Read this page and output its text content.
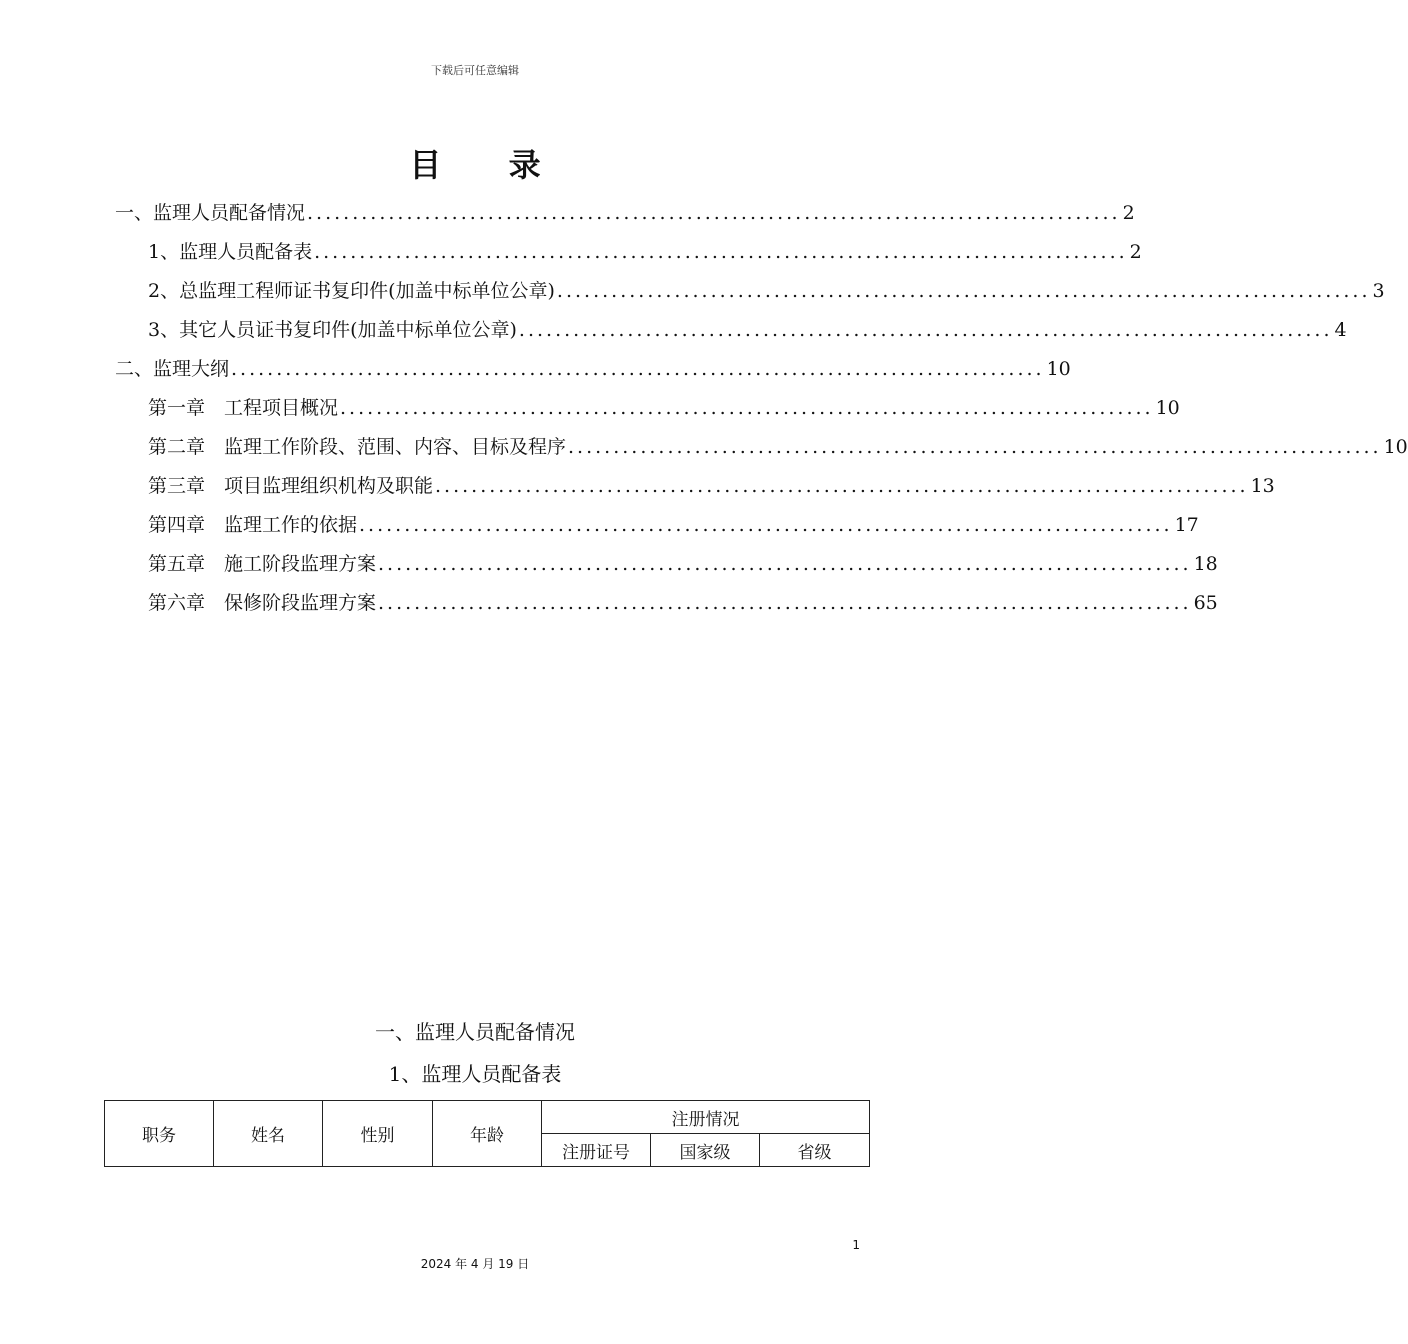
下载后可任意编辑
目 录
一、监理人员配备情况 .......................................................................................... 2
1、监理人员配备表 .......................................................................................... 2
2、总监理工程师证书复印件(加盖中标单位公章) .......................................................................................... 3
3、其它人员证书复印件(加盖中标单位公章) .......................................................................................... 4
二、监理大纲 .......................................................................................... 10
第一章　工程项目概况 .......................................................................................... 10
第二章　监理工作阶段、范围、内容、目标及程序 .......................................................................................... 10
第三章　项目监理组织机构及职能 .......................................................................................... 13
第四章　监理工作的依据 .......................................................................................... 17
第五章　施工阶段监理方案 .......................................................................................... 18
第六章　保修阶段监理方案 .......................................................................................... 65
一、监理人员配备情况
1、监理人员配备表
职务	姓名	性别	年龄	注册情况		
				注册证号	国家级	省级
1
2024 年 4 月 19 日
